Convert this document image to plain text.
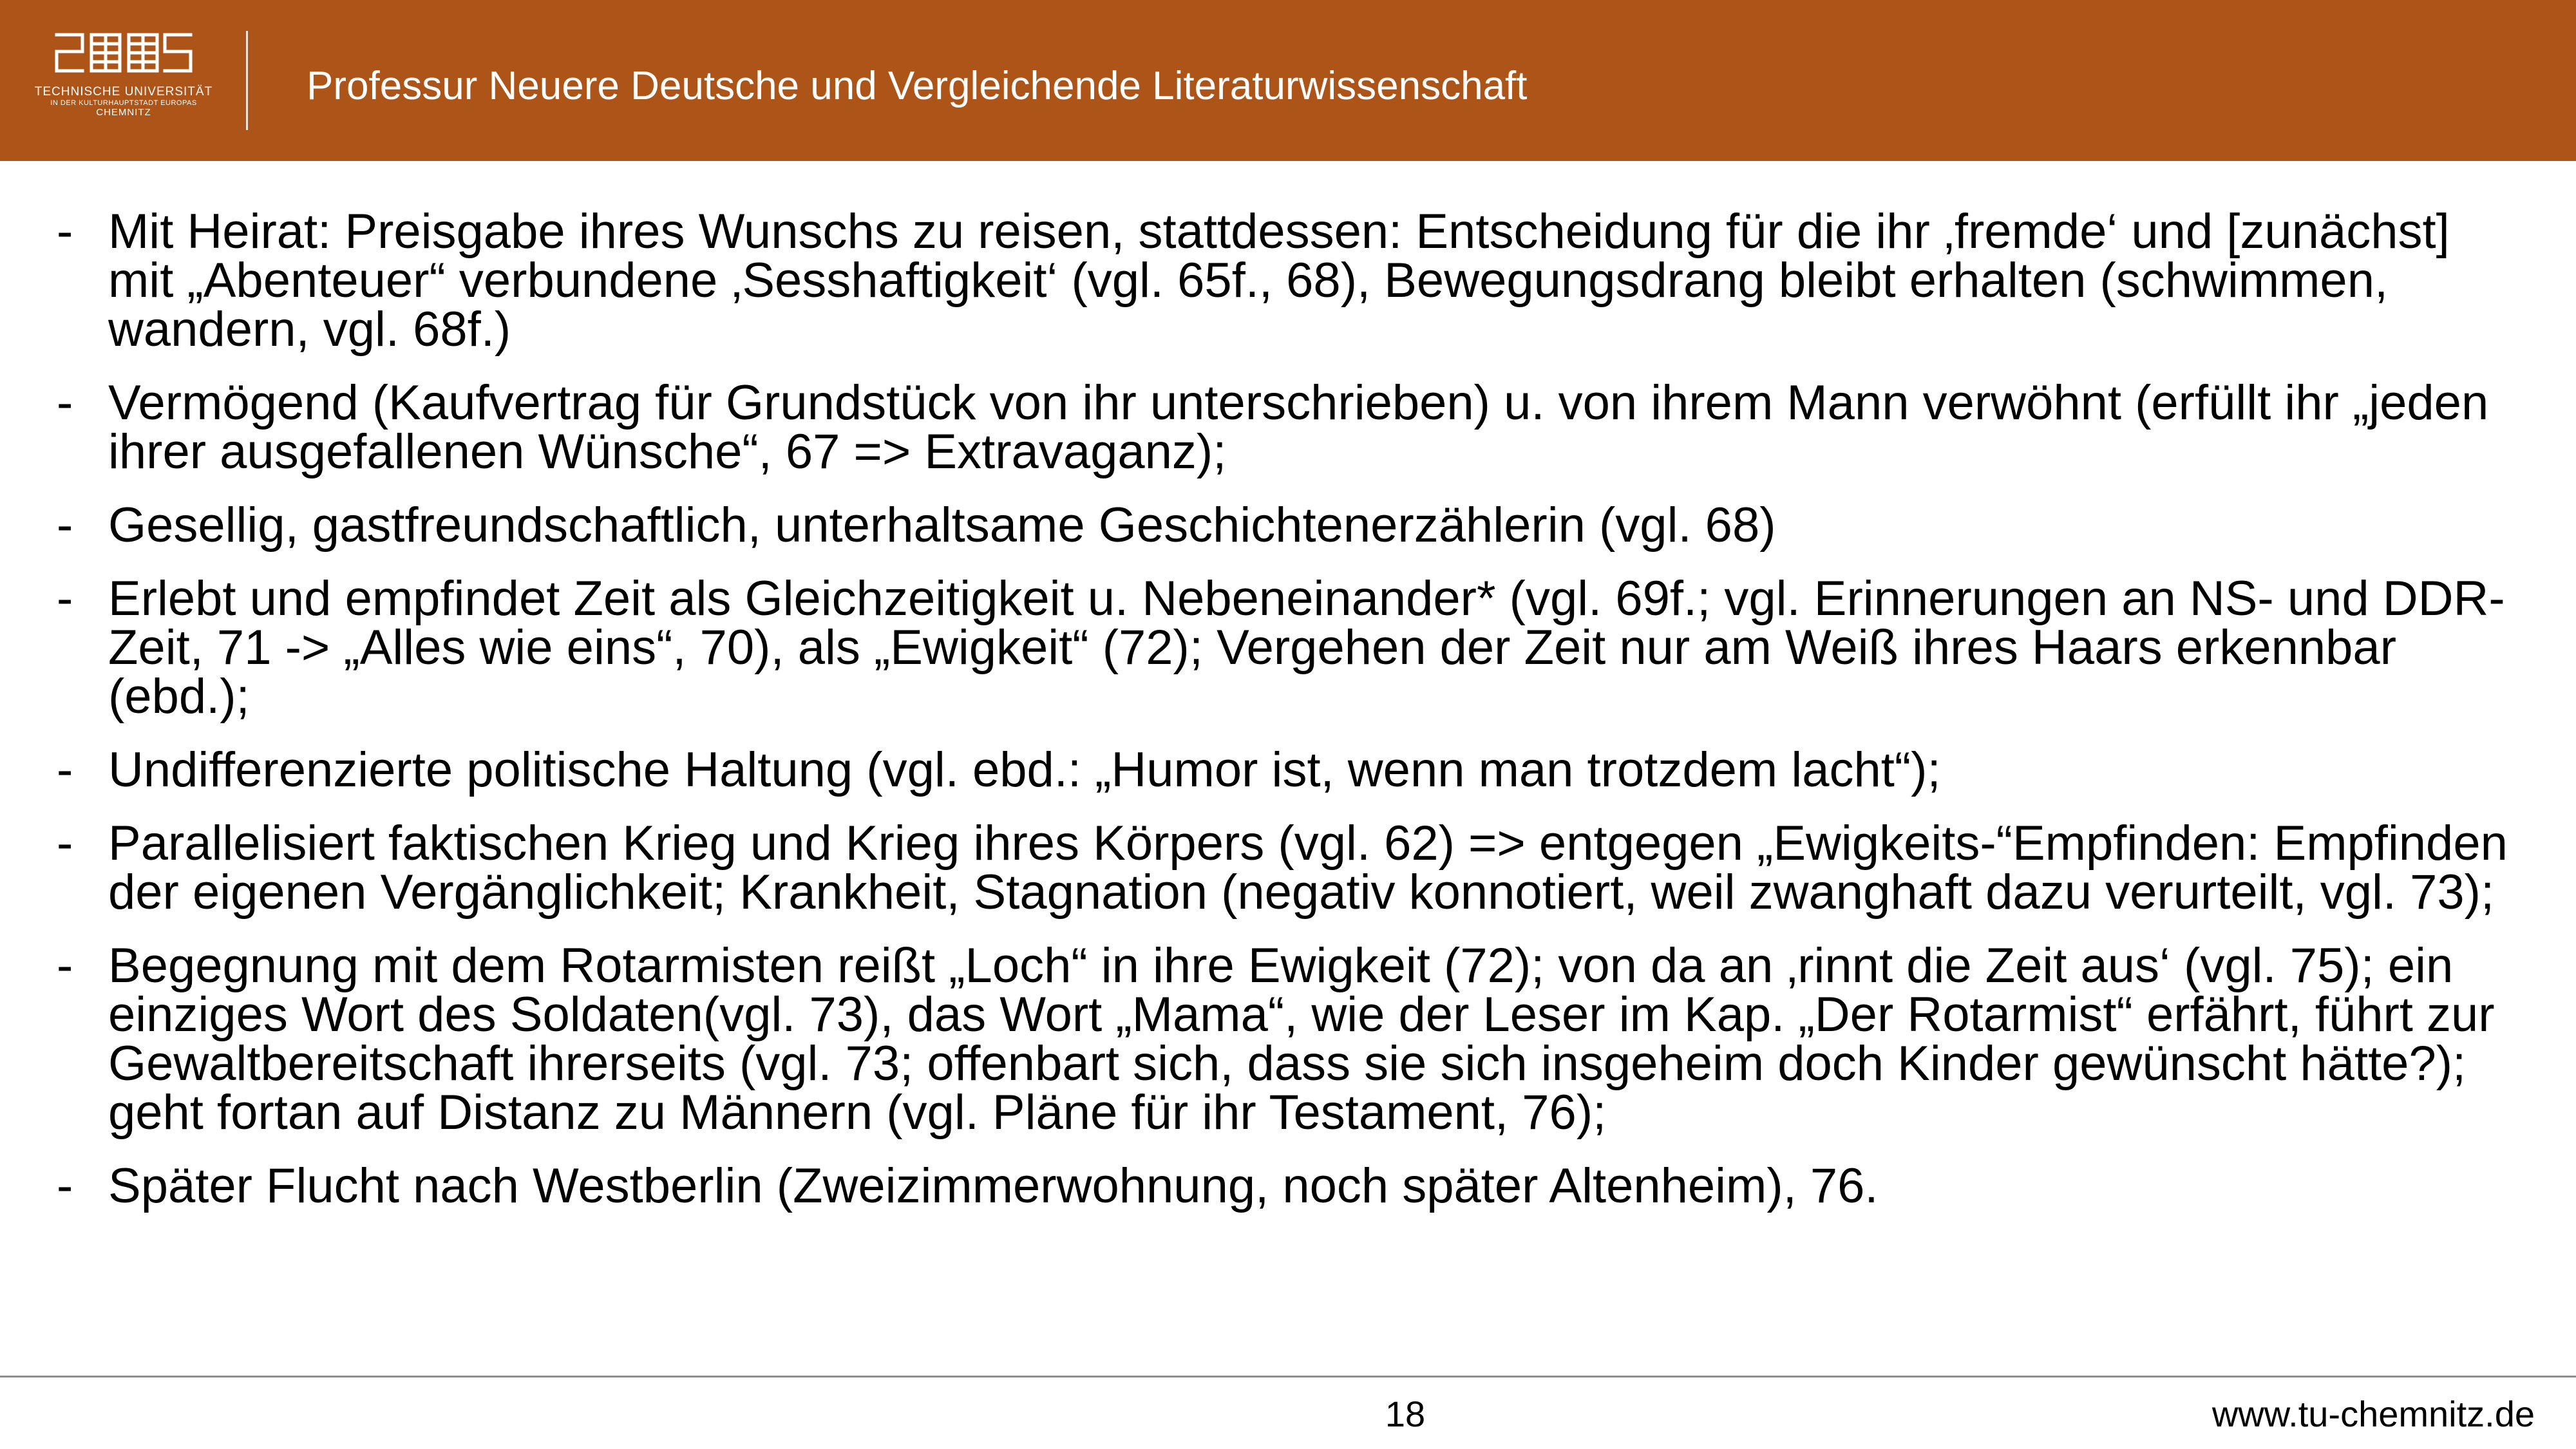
TECHNISCHE UNIVERSITÄT
IN DER KULTURHAUPTSTADT EUROPAS
CHEMNITZ
Professur Neuere Deutsche und Vergleichende Literaturwissenschaft
- Mit Heirat: Preisgabe ihres Wunschs zu reisen, stattdessen: Entscheidung für die ihr ‚fremde‘ und [zunächst] mit „Abenteuer“ verbundene ‚Sesshaftigkeit‘ (vgl. 65f., 68), Bewegungsdrang bleibt erhalten (schwimmen, wandern, vgl. 68f.)
- Vermögend (Kaufvertrag für Grundstück von ihr unterschrieben) u. von ihrem Mann verwöhnt (erfüllt ihr „jeden ihrer ausgefallenen Wünsche“, 67 => Extravaganz);
- Gesellig, gastfreundschaftlich, unterhaltsame Geschichtenerzählerin (vgl. 68)
- Erlebt und empfindet Zeit als Gleichzeitigkeit u. Nebeneinander* (vgl. 69f.; vgl. Erinnerungen an NS- und DDR-Zeit, 71 -> „Alles wie eins“, 70), als „Ewigkeit“ (72); Vergehen der Zeit nur am Weiß ihres Haars erkennbar (ebd.);
- Undifferenzierte politische Haltung (vgl. ebd.: „Humor ist, wenn man trotzdem lacht“);
- Parallelisiert faktischen Krieg und Krieg ihres Körpers (vgl. 62) => entgegen „Ewigkeits-“Empfinden: Empfinden der eigenen Vergänglichkeit; Krankheit, Stagnation (negativ konnotiert, weil zwanghaft dazu verurteilt, vgl. 73);
- Begegnung mit dem Rotarmisten reißt „Loch“ in ihre Ewigkeit (72); von da an ‚rinnt die Zeit aus‘ (vgl. 75); ein einziges Wort des Soldaten(vgl. 73), das Wort „Mama“, wie der Leser im Kap. „Der Rotarmist“ erfährt, führt zur Gewaltbereitschaft ihrerseits (vgl. 73; offenbart sich, dass sie sich insgeheim doch Kinder gewünscht hätte?); geht fortan auf Distanz zu Männern (vgl. Pläne für ihr Testament, 76);
- Später Flucht nach Westberlin (Zweizimmerwohnung, noch später Altenheim), 76.
18	www.tu-chemnitz.de
